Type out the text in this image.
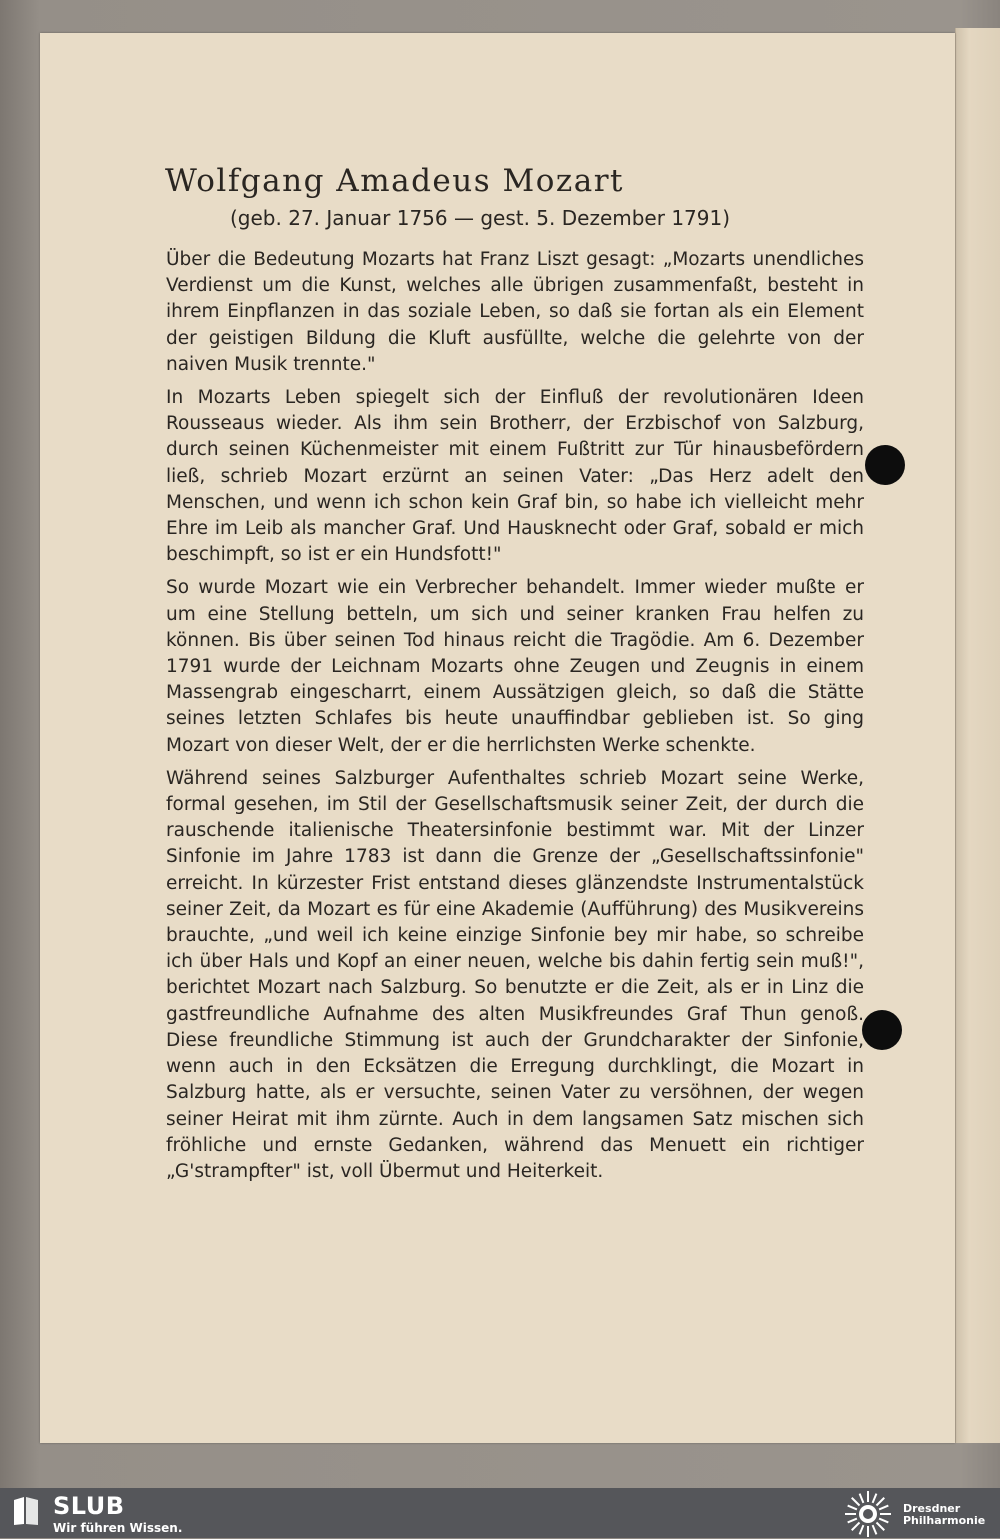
Wolfgang Amadeus Mozart

(geb. 27. Januar 1756 — gest. 5. Dezember 1791)

Über die Bedeutung Mozarts hat Franz Liszt gesagt: „Mozarts unendliches Verdienst um die Kunst, welches alle übrigen zusammenfaßt, besteht in ihrem Einpflanzen in das soziale Leben, so daß sie fortan als ein Element der geistigen Bildung die Kluft ausfüllte, welche die gelehrte von der naiven Musik trennte."

In Mozarts Leben spiegelt sich der Einfluß der revolutionären Ideen Rousseaus wieder. Als ihm sein Brotherr, der Erzbischof von Salzburg, durch seinen Küchenmeister mit einem Fußtritt zur Tür hinausbefördern ließ, schrieb Mozart erzürnt an seinen Vater: „Das Herz adelt den Menschen, und wenn ich schon kein Graf bin, so habe ich vielleicht mehr Ehre im Leib als mancher Graf. Und Hausknecht oder Graf, sobald er mich beschimpft, so ist er ein Hundsfott!"

So wurde Mozart wie ein Verbrecher behandelt. Immer wieder mußte er um eine Stellung betteln, um sich und seiner kranken Frau helfen zu können. Bis über seinen Tod hinaus reicht die Tragödie. Am 6. Dezember 1791 wurde der Leichnam Mozarts ohne Zeugen und Zeugnis in einem Massengrab eingescharrt, einem Aussätzigen gleich, so daß die Stätte seines letzten Schlafes bis heute unauffindbar geblieben ist. So ging Mozart von dieser Welt, der er die herrlichsten Werke schenkte.

Während seines Salzburger Aufenthaltes schrieb Mozart seine Werke, formal gesehen, im Stil der Gesellschaftsmusik seiner Zeit, der durch die rauschende italienische Theatersinfonie bestimmt war. Mit der Linzer Sinfonie im Jahre 1783 ist dann die Grenze der „Gesellschaftssinfonie" erreicht. In kürzester Frist entstand dieses glänzendste Instrumentalstück seiner Zeit, da Mozart es für eine Akademie (Aufführung) des Musikvereins brauchte, „und weil ich keine einzige Sinfonie bey mir habe, so schreibe ich über Hals und Kopf an einer neuen, welche bis dahin fertig sein muß!", berichtet Mozart nach Salzburg. So benutzte er die Zeit, als er in Linz die gastfreundliche Aufnahme des alten Musikfreundes Graf Thun genoß. Diese freundliche Stimmung ist auch der Grundcharakter der Sinfonie, wenn auch in den Ecksätzen die Erregung durchklingt, die Mozart in Salzburg hatte, als er versuchte, seinen Vater zu versöhnen, der wegen seiner Heirat mit ihm zürnte. Auch in dem langsamen Satz mischen sich fröhliche und ernste Gedanken, während das Menuett ein richtiger „G'strampfter" ist, voll Übermut und Heiterkeit.

SLUB
Wir führen Wissen.
Dresdner
Philharmonie
